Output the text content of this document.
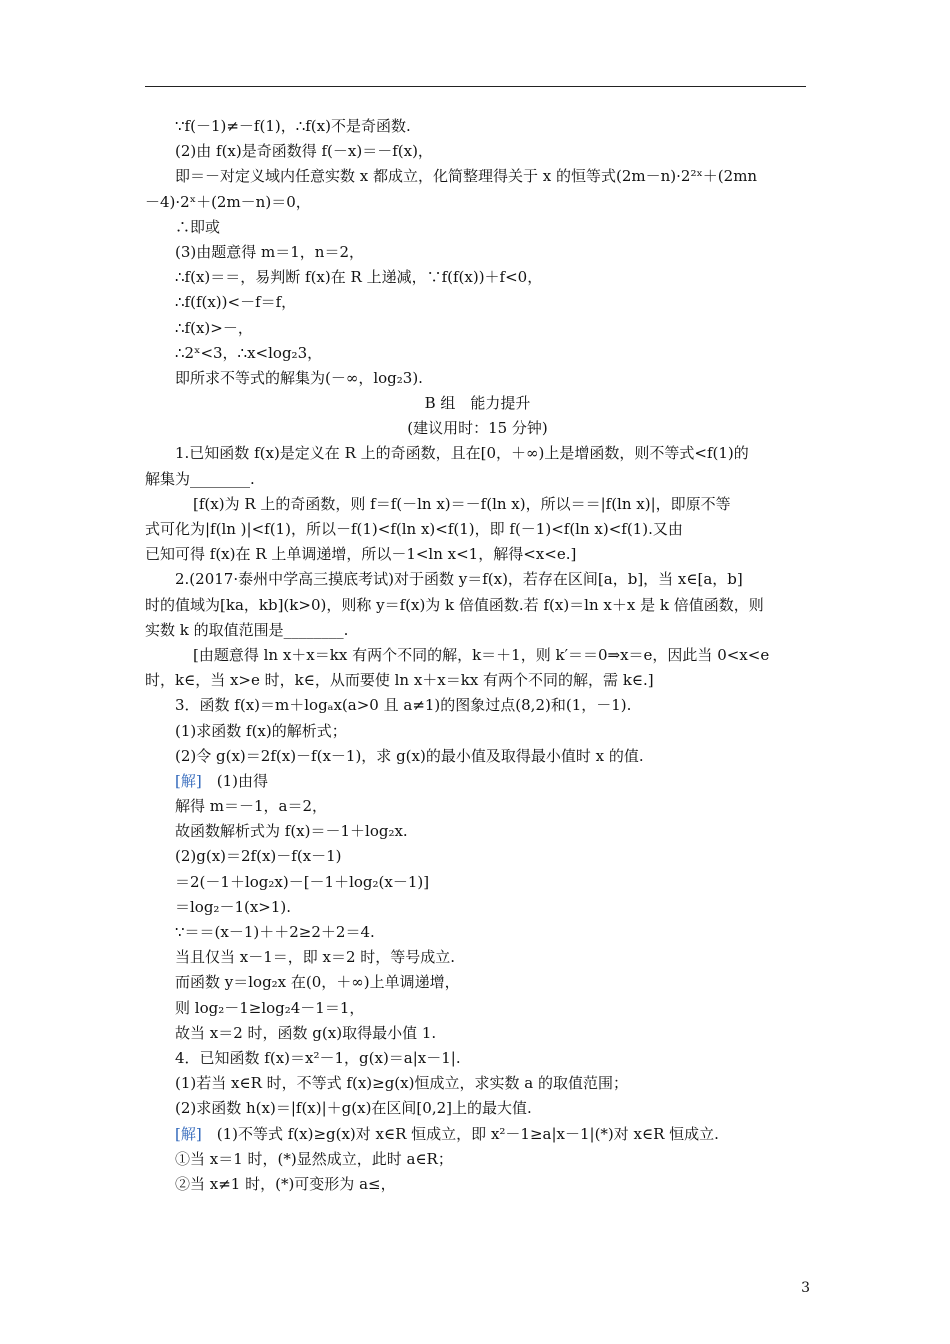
∵f(－1)≠－f(1)，∴f(x)不是奇函数.
(2)由 f(x)是奇函数得 f(－x)＝－f(x)，
即＝－对定义域内任意实数 x 都成立，化简整理得关于 x 的恒等式(2m－n)·2²ˣ＋(2mn
－4)·2ˣ＋(2m－n)＝0，
∴即或
(3)由题意得 m＝1，n＝2，
∴f(x)＝＝，易判断 f(x)在 R 上递减，∵f(f(x))＋f<0，
∴f(f(x))<－f＝f，
∴f(x)>－，
∴2ˣ<3，∴x<log₂3，
即所求不等式的解集为(－∞，log₂3).
B 组　能力提升
(建议用时：15 分钟)
1.已知函数 f(x)是定义在 R 上的奇函数，且在[0，＋∞)上是增函数，则不等式<f(1)的
解集为________.
[f(x)为 R 上的奇函数，则 f＝f(－ln x)＝－f(ln x)，所以＝＝|f(ln x)|，即原不等
式可化为|f(ln )|<f(1)，所以－f(1)<f(ln x)<f(1)，即 f(－1)<f(ln x)<f(1).又由
已知可得 f(x)在 R 上单调递增，所以－1<ln x<1，解得<x<e.]
2.(2017·泰州中学高三摸底考试)对于函数 y＝f(x)，若存在区间[a，b]，当 x∈[a，b]
时的值域为[ka，kb](k>0)，则称 y＝f(x)为 k 倍值函数.若 f(x)＝ln x＋x 是 k 倍值函数，则
实数 k 的取值范围是________.
[由题意得 ln x＋x＝kx 有两个不同的解，k＝＋1，则 k′＝＝0⇒x＝e，因此当 0<x<e
时，k∈，当 x>e 时，k∈，从而要使 ln x＋x＝kx 有两个不同的解，需 k∈.]
3．函数 f(x)＝m＋logₐx(a>0 且 a≠1)的图象过点(8,2)和(1，－1).
(1)求函数 f(x)的解析式；
(2)令 g(x)＝2f(x)－f(x－1)，求 g(x)的最小值及取得最小值时 x 的值.
[解]　(1)由得
解得 m＝－1，a＝2，
故函数解析式为 f(x)＝－1＋log₂x.
(2)g(x)＝2f(x)－f(x－1)
＝2(－1＋log₂x)－[－1＋log₂(x－1)]
＝log₂－1(x>1).
∵＝＝(x－1)＋＋2≥2＋2＝4.
当且仅当 x－1＝，即 x＝2 时，等号成立.
而函数 y＝log₂x 在(0，＋∞)上单调递增，
则 log₂－1≥log₂4－1＝1，
故当 x＝2 时，函数 g(x)取得最小值 1.
4．已知函数 f(x)＝x²－1，g(x)＝a|x－1|.
(1)若当 x∈R 时，不等式 f(x)≥g(x)恒成立，求实数 a 的取值范围；
(2)求函数 h(x)＝|f(x)|＋g(x)在区间[0,2]上的最大值.
[解]　(1)不等式 f(x)≥g(x)对 x∈R 恒成立，即 x²－1≥a|x－1|(*)对 x∈R 恒成立.
①当 x＝1 时，(*)显然成立，此时 a∈R；
②当 x≠1 时，(*)可变形为 a≤，
3
